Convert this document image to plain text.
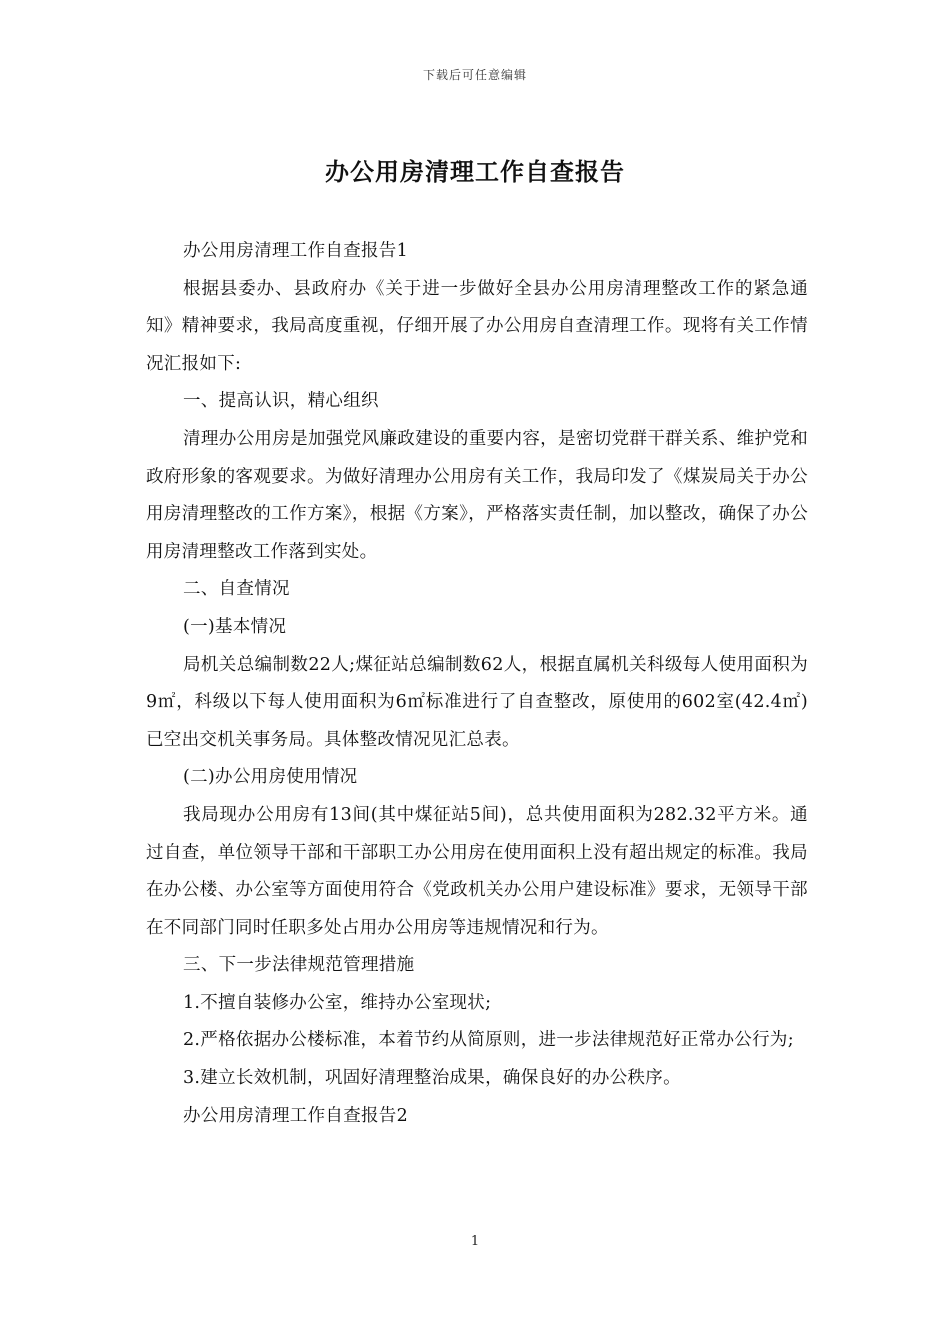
下载后可任意编辑
办公用房清理工作自查报告

办公用房清理工作自查报告1

根据县委办、县政府办《关于进一步做好全县办公用房清理整改工作的紧急通知》精神要求，我局高度重视，仔细开展了办公用房自查清理工作。现将有关工作情况汇报如下:

一、提高认识，精心组织

清理办公用房是加强党风廉政建设的重要内容，是密切党群干群关系、维护党和政府形象的客观要求。为做好清理办公用房有关工作，我局印发了《煤炭局关于办公用房清理整改的工作方案》，根据《方案》，严格落实责任制，加以整改，确保了办公用房清理整改工作落到实处。

二、自查情况

(一)基本情况

局机关总编制数22人;煤征站总编制数62人，根据直属机关科级每人使用面积为9㎡，科级以下每人使用面积为6㎡标准进行了自查整改，原使用的602室(42.4㎡)已空出交机关事务局。具体整改情况见汇总表。

(二)办公用房使用情况

我局现办公用房有13间(其中煤征站5间)，总共使用面积为282.32平方米。通过自查，单位领导干部和干部职工办公用房在使用面积上没有超出规定的标准。我局在办公楼、办公室等方面使用符合《党政机关办公用户建设标准》要求，无领导干部在不同部门同时任职多处占用办公用房等违规情况和行为。

三、下一步法律规范管理措施

1.不擅自装修办公室，维持办公室现状;

2.严格依据办公楼标准，本着节约从简原则，进一步法律规范好正常办公行为;

3.建立长效机制，巩固好清理整治成果，确保良好的办公秩序。

办公用房清理工作自查报告2

1
